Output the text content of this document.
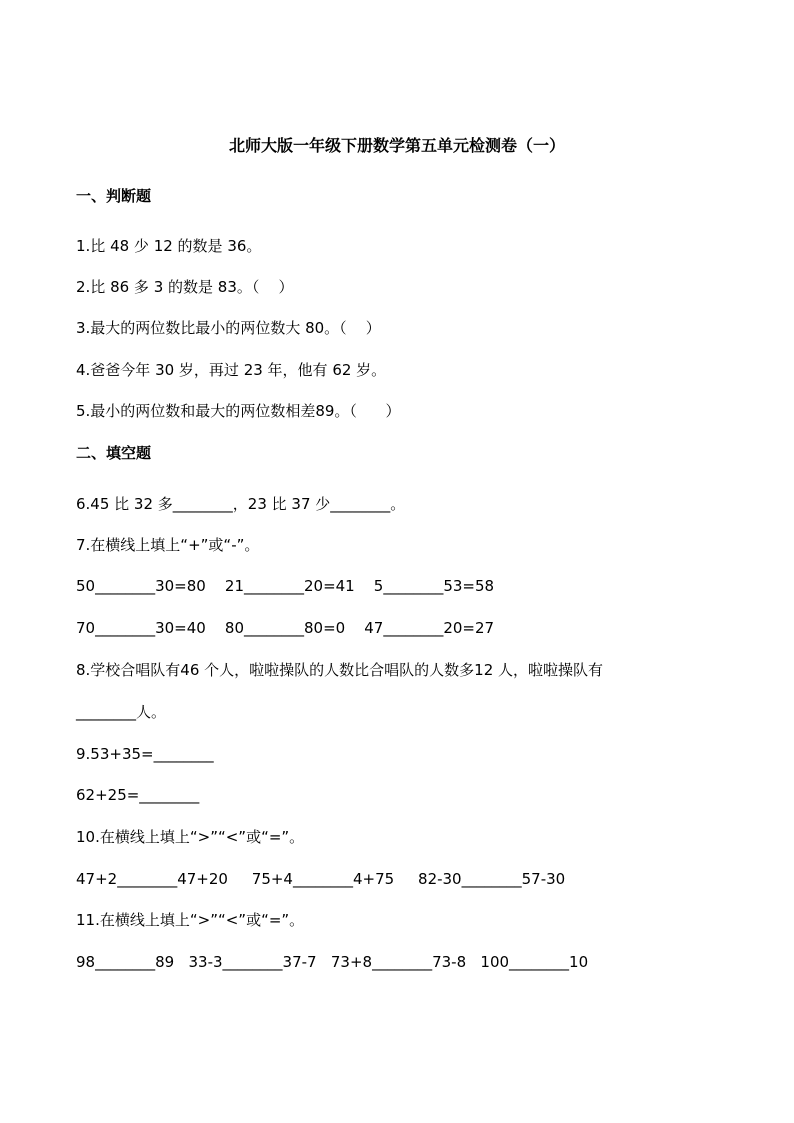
北师大版一年级下册数学第五单元检测卷（一）
一、判断题
1.比 48 少 12 的数是 36。
2.比 86 多 3 的数是 83。（    ）
3.最大的两位数比最小的两位数大 80。（    ）
4.爸爸今年 30 岁，再过 23 年，他有 62 岁。
5.最小的两位数和最大的两位数相差89。（      ）
二、填空题
6.45 比 32 多________，23 比 37 少________。
7.在横线上填上“+”或“-”。
50________30=80    21________20=41    5________53=58
70________30=40    80________80=0    47________20=27
8.学校合唱队有46 个人，啦啦操队的人数比合唱队的人数多12 人，啦啦操队有
________人。
9.53+35=________
62+25=________
10.在横线上填上“>”“<”或“=”。
47+2________47+20     75+4________4+75     82-30________57-30
11.在横线上填上“>”“<”或“=”。
98________89   33-3________37-7   73+8________73-8   100________10
